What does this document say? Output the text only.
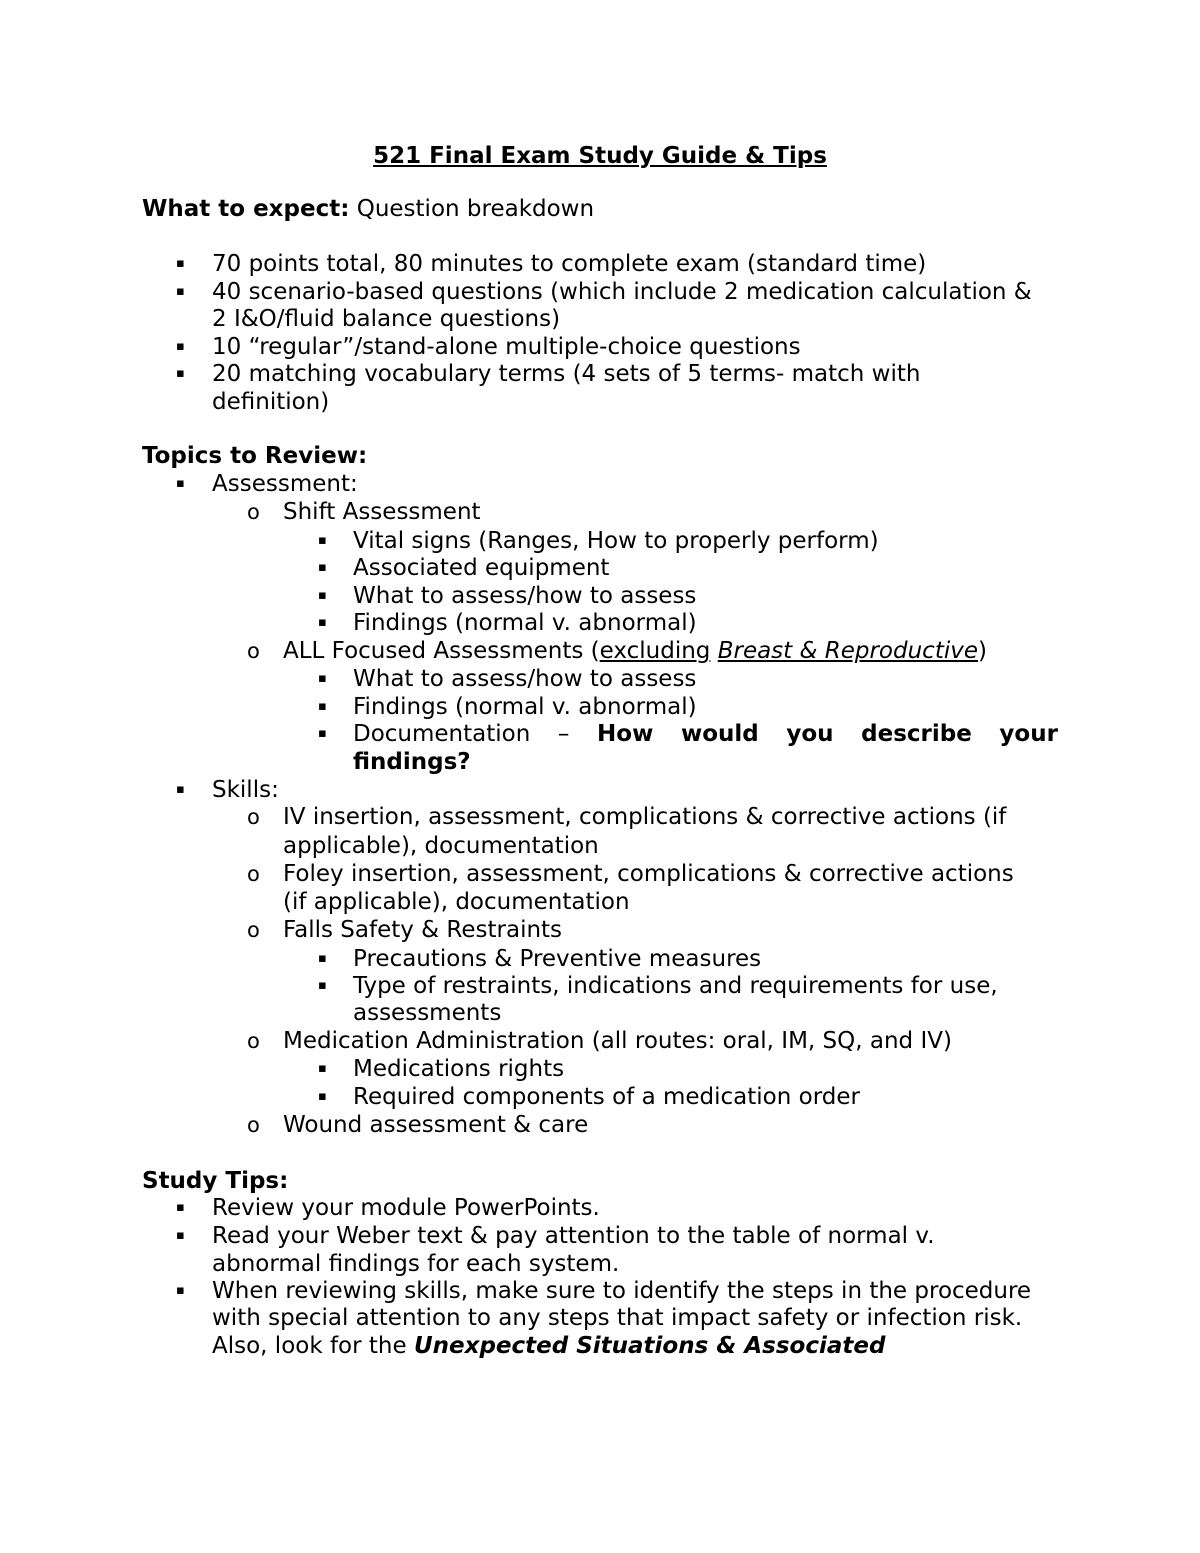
521 Final Exam Study Guide & Tips
What to expect: Question breakdown
▪ 70 points total, 80 minutes to complete exam (standard time)
▪ 40 scenario-based questions (which include 2 medication calculation &
2 I&O/fluid balance questions)
▪ 10 “regular”/stand-alone multiple-choice questions
▪ 20 matching vocabulary terms (4 sets of 5 terms- match with
definition)
Topics to Review:
▪ Assessment:
o Shift Assessment
▪ Vital signs (Ranges, How to properly perform)
▪ Associated equipment
▪ What to assess/how to assess
▪ Findings (normal v. abnormal)
o ALL Focused Assessments (excluding Breast & Reproductive)
▪ What to assess/how to assess
▪ Findings (normal v. abnormal)
▪ Documentation – How would you describe your
findings?
▪ Skills:
o IV insertion, assessment, complications & corrective actions (if
applicable), documentation
o Foley insertion, assessment, complications & corrective actions
(if applicable), documentation
o Falls Safety & Restraints
▪ Precautions & Preventive measures
▪ Type of restraints, indications and requirements for use,
assessments
o Medication Administration (all routes: oral, IM, SQ, and IV)
▪ Medications rights
▪ Required components of a medication order
o Wound assessment & care
Study Tips:
▪ Review your module PowerPoints.
▪ Read your Weber text & pay attention to the table of normal v.
abnormal findings for each system.
▪ When reviewing skills, make sure to identify the steps in the procedure
with special attention to any steps that impact safety or infection risk.
Also, look for the Unexpected Situations & Associated
